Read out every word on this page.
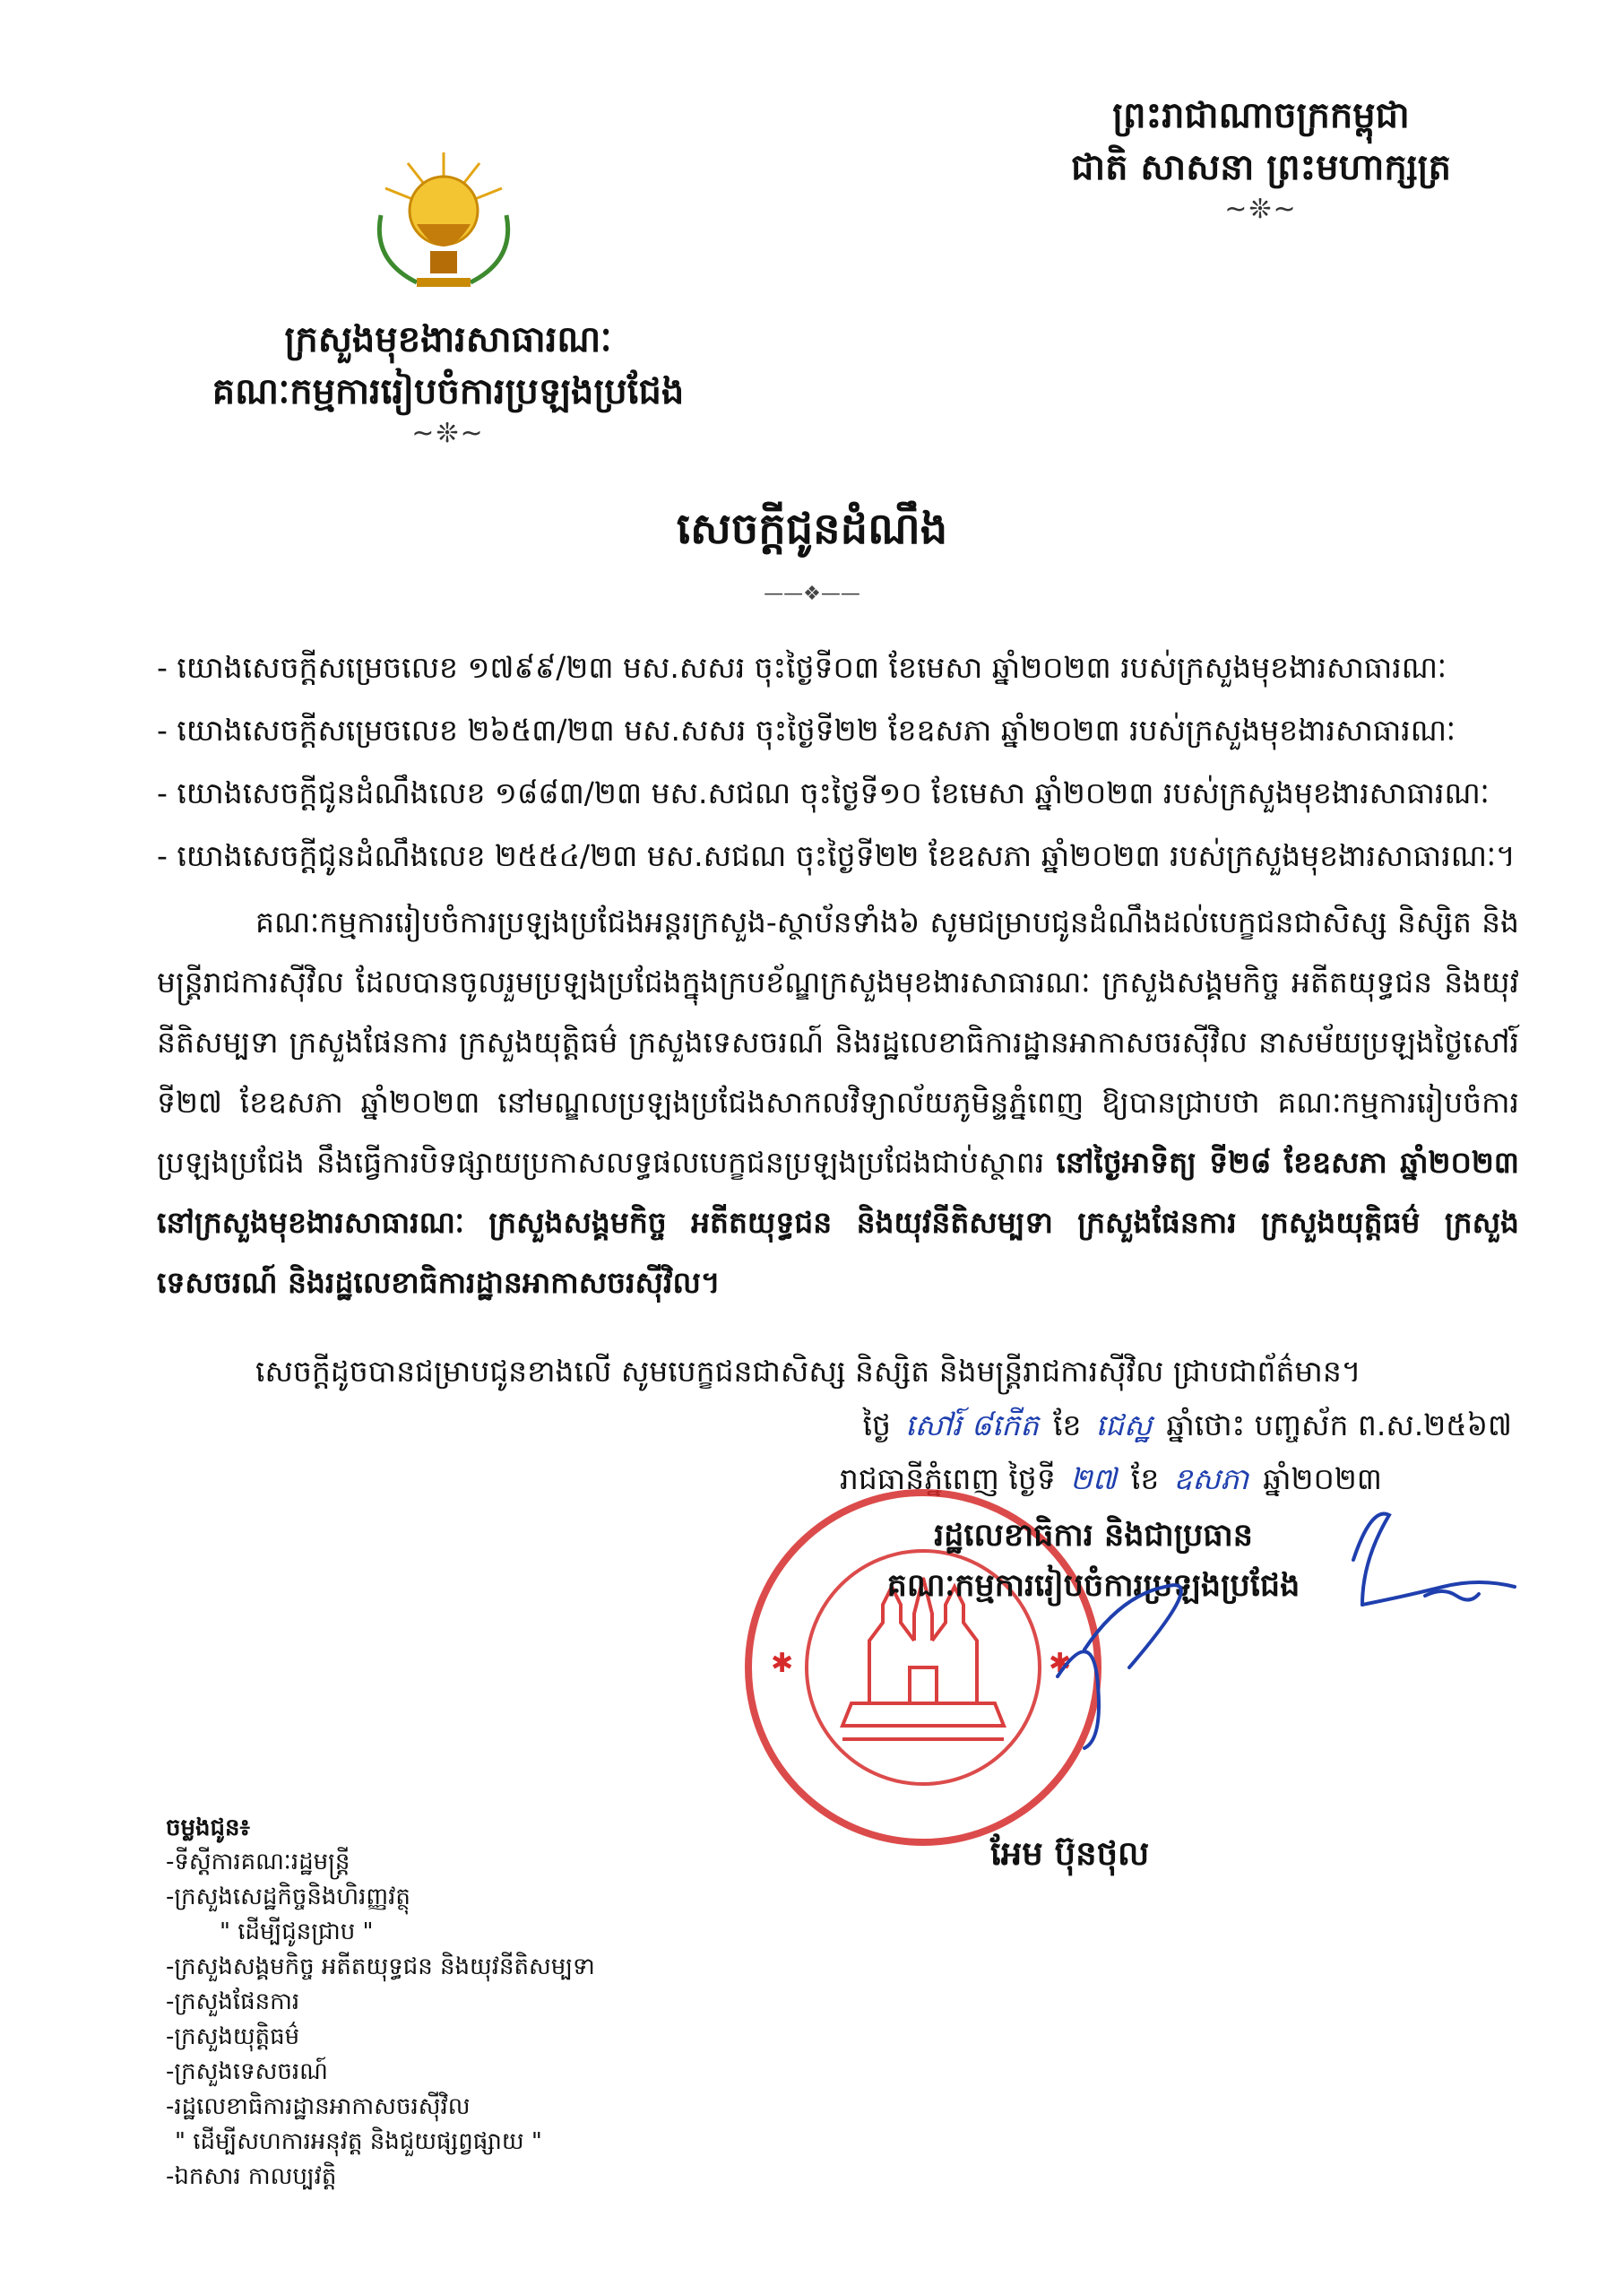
ព្រះរាជាណាចក្រកម្ពុជា
ជាតិ សាសនា ព្រះមហាក្សត្រ
~❊~
ក្រសួងមុខងារសាធារណៈ
គណៈកម្មការរៀបចំការប្រឡងប្រជែង
~❊~
សេចក្តីជូនដំណឹង
——❖——
- យោងសេចក្តីសម្រេចលេខ ១៧៩៩/២៣ មស.សសរ ចុះថ្ងៃទី០៣ ខែមេសា ឆ្នាំ២០២៣ របស់ក្រសួងមុខងារសាធារណៈ
- យោងសេចក្តីសម្រេចលេខ ២៦៥៣/២៣ មស.សសរ ចុះថ្ងៃទី២២ ខែឧសភា ឆ្នាំ២០២៣ របស់ក្រសួងមុខងារសាធារណៈ
- យោងសេចក្តីជូនដំណឹងលេខ ១៨៨៣/២៣ មស.សជណ ចុះថ្ងៃទី១០ ខែមេសា ឆ្នាំ២០២៣ របស់ក្រសួងមុខងារសាធារណៈ
- យោងសេចក្តីជូនដំណឹងលេខ ២៥៥៤/២៣ មស.សជណ ចុះថ្ងៃទី២២ ខែឧសភា ឆ្នាំ២០២៣ របស់ក្រសួងមុខងារសាធារណៈ។
គណៈកម្មការរៀបចំការប្រឡងប្រជែងអន្តរក្រសួង-ស្ថាប័នទាំង៦ សូមជម្រាបជូនដំណឹងដល់បេក្ខជនជាសិស្ស និស្សិត និងមន្ត្រីរាជការស៊ីវិល ដែលបានចូលរួមប្រឡងប្រជែងក្នុងក្របខ័ណ្ឌក្រសួងមុខងារសាធារណៈ ក្រសួងសង្គមកិច្ច អតីតយុទ្ធជន និងយុវនីតិសម្បទា ក្រសួងផែនការ ក្រសួងយុត្តិធម៌ ក្រសួងទេសចរណ៍ និងរដ្ឋលេខាធិការដ្ឋានអាកាសចរស៊ីវិល នាសម័យប្រឡងថ្ងៃសៅរ៍ ទី២៧ ខែឧសភា ឆ្នាំ២០២៣ នៅមណ្ឌលប្រឡងប្រជែងសាកលវិទ្យាល័យភូមិន្ទភ្នំពេញ ឱ្យបានជ្រាបថា គណៈកម្មការរៀបចំការប្រឡងប្រជែង នឹងធ្វើការបិទផ្សាយប្រកាសលទ្ធផលបេក្ខជនប្រឡងប្រជែងជាប់ស្ថាពរ នៅថ្ងៃអាទិត្យ ទី២៨ ខែឧសភា ឆ្នាំ២០២៣ នៅក្រសួងមុខងារសាធារណៈ ក្រសួងសង្គមកិច្ច អតីតយុទ្ធជន និងយុវនីតិសម្បទា ក្រសួងផែនការ ក្រសួងយុត្តិធម៌ ក្រសួងទេសចរណ៍ និងរដ្ឋលេខាធិការដ្ឋានអាកាសចរស៊ីវិល។
សេចក្តីដូចបានជម្រាបជូនខាងលើ សូមបេក្ខជនជាសិស្ស និស្សិត និងមន្ត្រីរាជការស៊ីវិល ជ្រាបជាព័ត៌មាន។
ថ្ងៃ សៅរ៍ ៨កើត ខែ ជេស្ឋ ឆ្នាំថោះ បញ្ចស័ក ព.ស.២៥៦៧
រាជធានីភ្នំពេញ ថ្ងៃទី ២៧ ខែ ឧសភា ឆ្នាំ២០២៣
✱	✱
រដ្ឋលេខាធិការ និងជាប្រធាន
គណៈកម្មការរៀបចំការប្រឡងប្រជែង
អែម ប៊ុនថុល
ចម្លងជូន៖
-ទីស្តីការគណៈរដ្ឋមន្ត្រី
-ក្រសួងសេដ្ឋកិច្ចនិងហិរញ្ញវត្ថុ
" ដើម្បីជូនជ្រាប "
-ក្រសួងសង្គមកិច្ច អតីតយុទ្ធជន និងយុវនីតិសម្បទា
-ក្រសួងផែនការ
-ក្រសួងយុត្តិធម៌
-ក្រសួងទេសចរណ៍
-រដ្ឋលេខាធិការដ្ឋានអាកាសចរស៊ីវិល
" ដើម្បីសហការអនុវត្ត និងជួយផ្សព្វផ្សាយ "
-ឯកសារ កាលប្បវត្តិ
